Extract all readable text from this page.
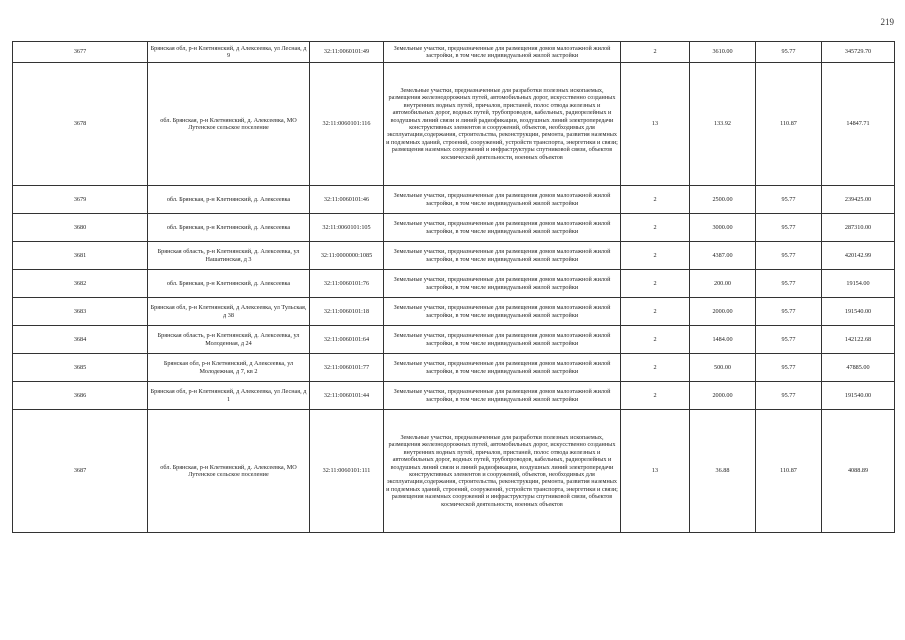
219
3677	Брянская обл, р-н Клетнянский, д Алексеевка, ул Лесная, д 9	32:11:0060101:49	Земельные участки, предназначенные для размещения домов малоэтажной жилой застройки, в том числе индивидуальной жилой застройки	2	3610.00	95.77	345729.70
3678	обл. Брянская, р-н Клетнянский, д. Алексеевка, МО Лутенское сельское поселение	32:11:0060101:116	Земельные участки, предназначенные для разработки полезных ископаемых, размещения железнодорожных путей, автомобильных дорог, искусственно созданных внутренних водных путей, причалов, пристаней, полос отвода железных и автомобильных дорог, водных путей, трубопроводов, кабельных, радиорелейных и воздушных линий связи и линий радиофикации, воздушных линий электропередачи конструктивных элементов и сооружений, объектов, необходимых для эксплуатации,содержания, строительства, реконструкции, ремонта, развития наземных и подземных зданий, строений, сооружений, устройств транспорта, энергетики и связи; размещения наземных сооружений и инфраструктуры спутниковой связи, объектов космической деятельности, военных объектов	13	133.92	110.87	14847.71
3679	обл. Брянская, р-н Клетнянский, д. Алексеевка	32:11:0060101:46	Земельные участки, предназначенные для размещения домов малоэтажной жилой застройки, в том числе индивидуальной жилой застройки	2	2500.00	95.77	239425.00
3680	обл. Брянская, р-н Клетнянский, д. Алексеевка	32:11:0060101:105	Земельные участки, предназначенные для размещения домов малоэтажной жилой застройки, в том числе индивидуальной жилой застройки	2	3000.00	95.77	287310.00
3681	Брянская область, р-н Клетнянский, д. Алексеевка, ул Нашатинская, д 3	32:11:0000000:1085	Земельные участки, предназначенные для размещения домов малоэтажной жилой застройки, в том числе индивидуальной жилой застройки	2	4387.00	95.77	420142.99
3682	обл. Брянская, р-н Клетнянский, д. Алексеевка	32:11:0060101:76	Земельные участки, предназначенные для размещения домов малоэтажной жилой застройки, в том числе индивидуальной жилой застройки	2	200.00	95.77	19154.00
3683	Брянская обл, р-н Клетнянский, д Алексеевка, ул Тульская, д 38	32:11:0060101:18	Земельные участки, предназначенные для размещения домов малоэтажной жилой застройки, в том числе индивидуальной жилой застройки	2	2000.00	95.77	191540.00
3684	Брянская область, р-н Клетнянский, д. Алексеевка, ул Молоденная, д 24	32:11:0060101:64	Земельные участки, предназначенные для размещения домов малоэтажной жилой застройки, в том числе индивидуальной жилой застройки	2	1484.00	95.77	142122.68
3685	Брянская обл, р-н Клетнянский, д Алексеевка, ул Молодежная, д 7, кв 2	32:11:0060101:77	Земельные участки, предназначенные для размещения домов малоэтажной жилой застройки, в том числе индивидуальной жилой застройки	2	500.00	95.77	47885.00
3686	Брянская обл, р-н Клетнянский, д Алексеевка, ул Лесная, д 1	32:11:0060101:44	Земельные участки, предназначенные для размещения домов малоэтажной жилой застройки, в том числе индивидуальной жилой застройки	2	2000.00	95.77	191540.00
3687	обл. Брянская, р-н Клетнянский, д. Алексеевка, МО Лутенское сельское поселение	32:11:0060101:111	Земельные участки, предназначенные для разработки полезных ископаемых, размещения железнодорожных путей, автомобильных дорог, искусственно созданных внутренних водных путей, причалов, пристаней, полос отвода железных и автомобильных дорог, водных путей, трубопроводов, кабельных, радиорелейных и воздушных линий связи и линий радиофикации, воздушных линий электропередачи конструктивных элементов и сооружений, объектов, необходимых для эксплуатации,содержания, строительства, реконструкции, ремонта, развития наземных и подземных зданий, строений, сооружений, устройств транспорта, энергетики и связи; размещения наземных сооружений и инфраструктуры спутниковой связи, объектов космической деятельности, военных объектов	13	36.88	110.87	4088.89
